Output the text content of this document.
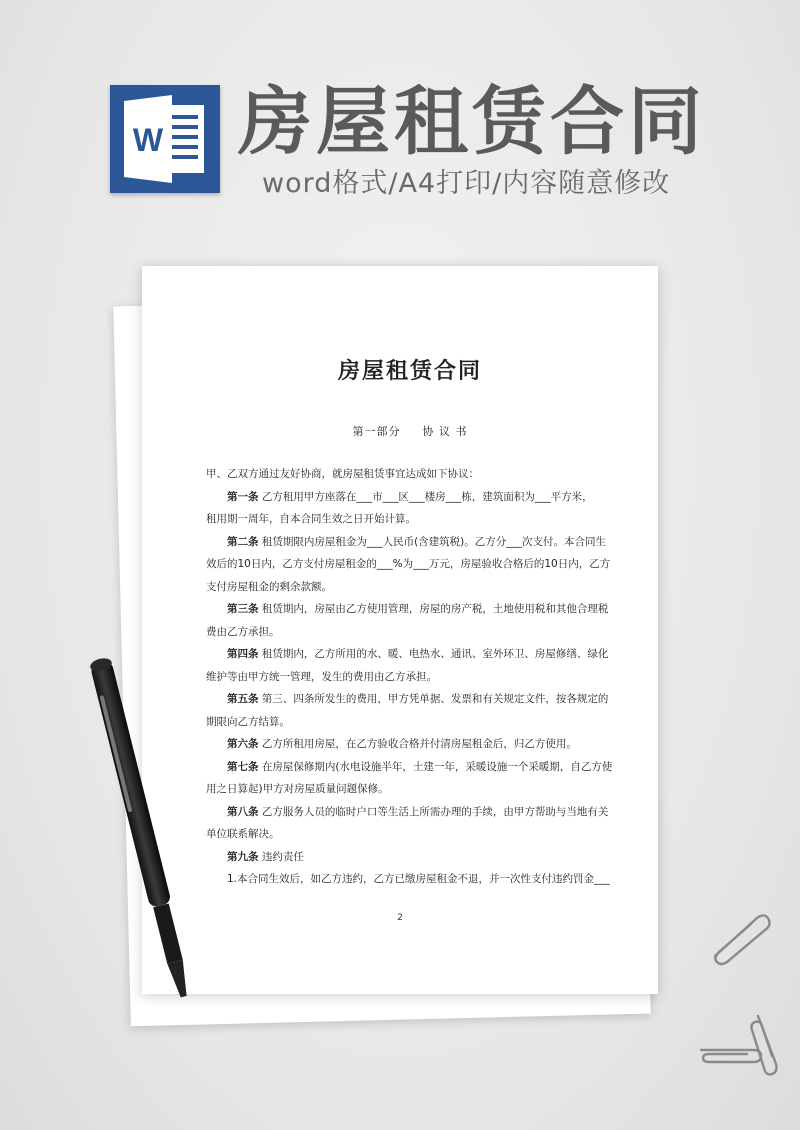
W 房屋租赁合同

word格式/A4打印/内容随意修改

房屋租赁合同

第一部分 协 议 书

甲、乙双方通过友好协商，就房屋租赁事宜达成如下协议：

第一条 乙方租用甲方座落在___市___区___楼房___栋，建筑面积为___平方米，

租用期一周年，自本合同生效之日开始计算。

第二条 租赁期限内房屋租金为___人民币(含建筑税)。乙方分___次支付。本合同生

效后的10日内，乙方支付房屋租金的___%为___万元，房屋验收合格后的10日内，乙方

支付房屋租金的剩余款额。

第三条 租赁期内，房屋由乙方使用管理，房屋的房产税，土地使用税和其他合理税

费由乙方承担。

第四条 租赁期内，乙方所用的水、暖、电热水、通讯、室外环卫、房屋修缮、绿化

维护等由甲方统一管理，发生的费用由乙方承担。

第五条 第三、四条所发生的费用，甲方凭单据、发票和有关规定文件，按各规定的

期限向乙方结算。

第六条 乙方所租用房屋，在乙方验收合格并付清房屋租金后，归乙方使用。

第七条 在房屋保修期内(水电设施半年，土建一年，采暖设施一个采暖期，自乙方使

用之日算起)甲方对房屋质量问题保修。

第八条 乙方服务人员的临时户口等生活上所需办理的手续，由甲方帮助与当地有关

单位联系解决。

第九条 违约责任

1.本合同生效后，如乙方违约，乙方已缴房屋租金不退，并一次性支付违约罚金___

2
